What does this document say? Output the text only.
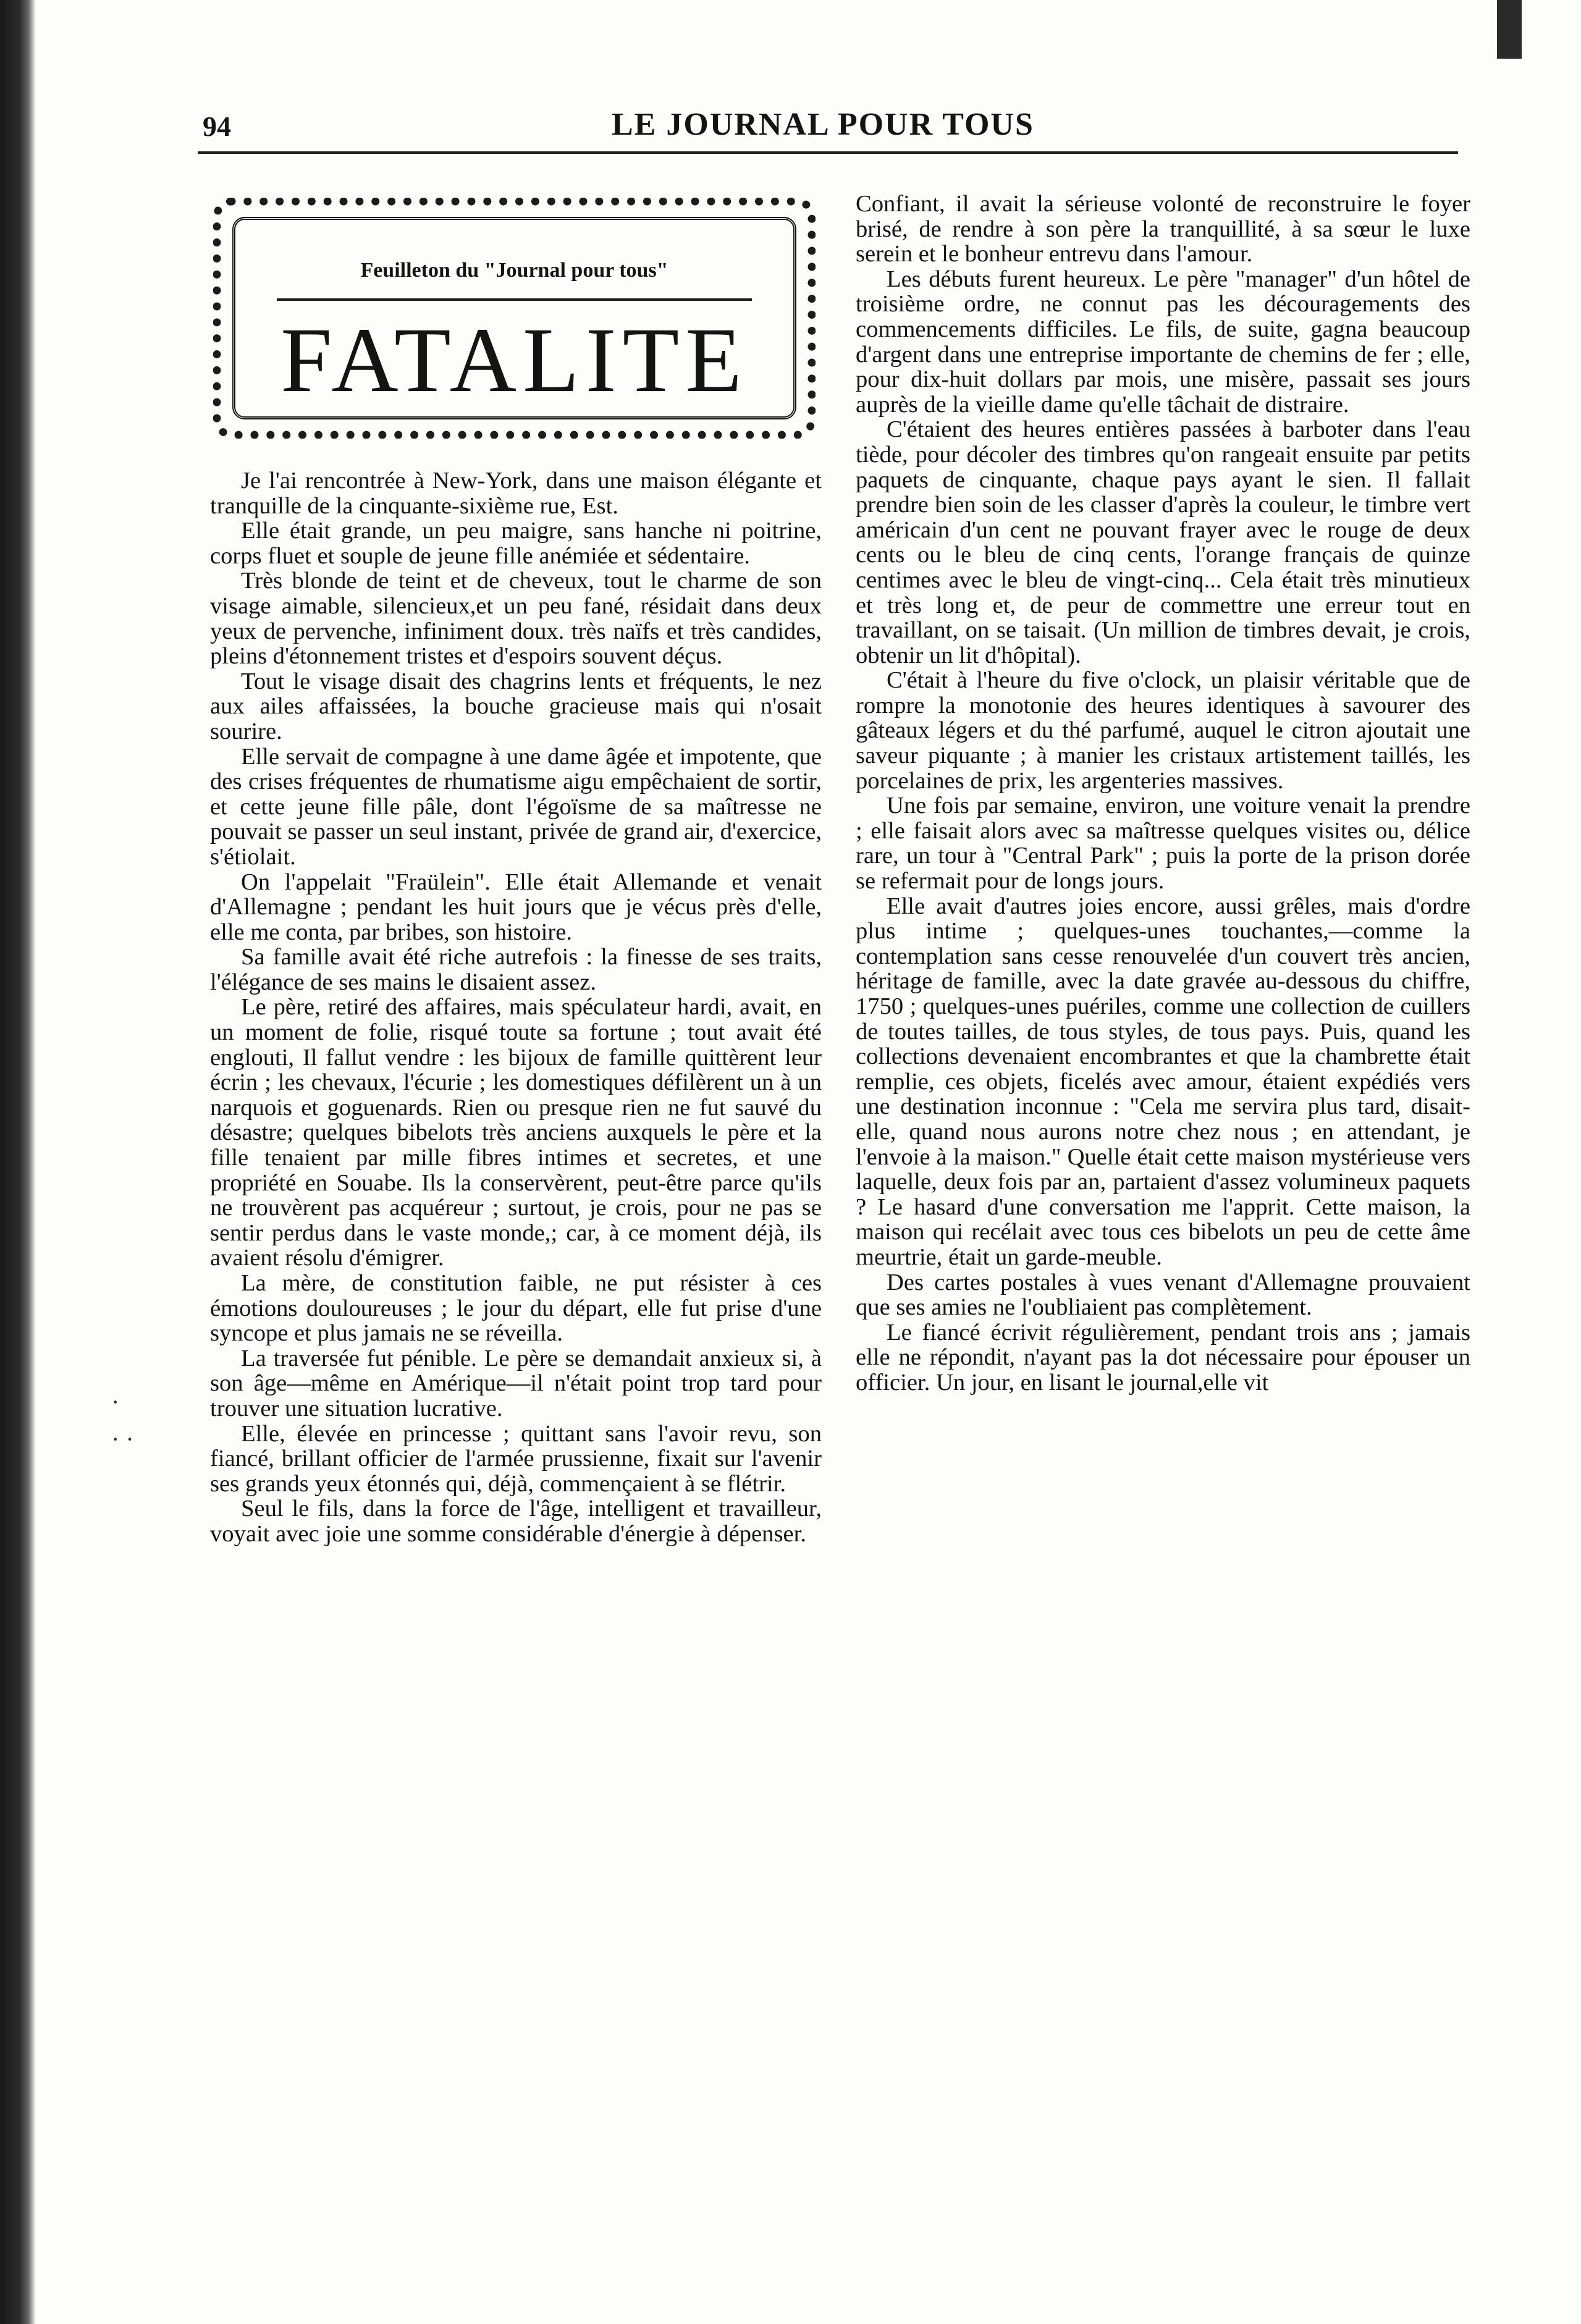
94	LE JOURNAL POUR TOUS
Feuilleton du "Journal pour tous"
FATALITE

Je l'ai rencontrée à New-York, dans une maison élégante et tranquille de la cinquante-sixième rue, Est.

Elle était grande, un peu maigre, sans hanche ni poitrine, corps fluet et souple de jeune fille anémiée et sédentaire.

Très blonde de teint et de cheveux, tout le charme de son visage aimable, silencieux,et un peu fané, résidait dans deux yeux de pervenche, infiniment doux. très naïfs et très candides, pleins d'étonnement tristes et d'espoirs souvent déçus.

Tout le visage disait des chagrins lents et fréquents, le nez aux ailes affaissées, la bouche gracieuse mais qui n'osait sourire.

Elle servait de compagne à une dame âgée et impotente, que des crises fréquentes de rhumatisme aigu empêchaient de sortir, et cette jeune fille pâle, dont l'égoïsme de sa maîtresse ne pouvait se passer un seul instant, privée de grand air, d'exercice, s'étiolait.

On l'appelait "Fraülein". Elle était Allemande et venait d'Allemagne ; pendant les huit jours que je vécus près d'elle, elle me conta, par bribes, son histoire.

Sa famille avait été riche autrefois : la finesse de ses traits, l'élégance de ses mains le disaient assez.

Le père, retiré des affaires, mais spéculateur hardi, avait, en un moment de folie, risqué toute sa fortune ; tout avait été englouti, Il fallut vendre : les bijoux de famille quittèrent leur écrin ; les chevaux, l'écurie ; les domestiques défilèrent un à un narquois et goguenards. Rien ou presque rien ne fut sauvé du désastre; quelques bibelots très anciens auxquels le père et la fille tenaient par mille fibres intimes et secretes, et une propriété en Souabe. Ils la conservèrent, peut-être parce qu'ils ne trouvèrent pas acquéreur ; surtout, je crois, pour ne pas se sentir perdus dans le vaste monde,; car, à ce moment déjà, ils avaient résolu d'émigrer.

La mère, de constitution faible, ne put résister à ces émotions douloureuses ; le jour du départ, elle fut prise d'une syncope et plus jamais ne se réveilla.

La traversée fut pénible. Le père se demandait anxieux si, à son âge—même en Amérique—il n'était point trop tard pour trouver une situation lucrative.

Elle, élevée en princesse ; quittant sans l'avoir revu, son fiancé, brillant officier de l'armée prussienne, fixait sur l'avenir ses grands yeux étonnés qui, déjà, commençaient à se flétrir.

Seul le fils, dans la force de l'âge, intelligent et travailleur, voyait avec joie une somme considérable d'énergie à dépenser.

Confiant, il avait la sérieuse volonté de reconstruire le foyer brisé, de rendre à son père la tranquillité, à sa sœur le luxe serein et le bonheur entrevu dans l'amour.

Les débuts furent heureux. Le père "manager" d'un hôtel de troisième ordre, ne connut pas les découragements des commencements difficiles. Le fils, de suite, gagna beaucoup d'argent dans une entreprise importante de chemins de fer ; elle, pour dix-huit dollars par mois, une misère, passait ses jours auprès de la vieille dame qu'elle tâchait de distraire.

C'étaient des heures entières passées à barboter dans l'eau tiède, pour décoler des timbres qu'on rangeait ensuite par petits paquets de cinquante, chaque pays ayant le sien. Il fallait prendre bien soin de les classer d'après la couleur, le timbre vert américain d'un cent ne pouvant frayer avec le rouge de deux cents ou le bleu de cinq cents, l'orange français de quinze centimes avec le bleu de vingt-cinq... Cela était très minutieux et très long et, de peur de commettre une erreur tout en travaillant, on se taisait. (Un million de timbres devait, je crois, obtenir un lit d'hôpital).

C'était à l'heure du five o'clock, un plaisir véritable que de rompre la monotonie des heures identiques à savourer des gâteaux légers et du thé parfumé, auquel le citron ajoutait une saveur piquante ; à manier les cristaux artistement taillés, les porcelaines de prix, les argenteries massives.

Une fois par semaine, environ, une voiture venait la prendre ; elle faisait alors avec sa maîtresse quelques visites ou, délice rare, un tour à "Central Park" ; puis la porte de la prison dorée se refermait pour de longs jours.

Elle avait d'autres joies encore, aussi grêles, mais d'ordre plus intime ; quelques-unes touchantes,—comme la contemplation sans cesse renouvelée d'un couvert très ancien, héritage de famille, avec la date gravée au-dessous du chiffre, 1750 ; quelques-unes puériles, comme une collection de cuillers de toutes tailles, de tous styles, de tous pays. Puis, quand les collections devenaient encombrantes et que la chambrette était remplie, ces objets, ficelés avec amour, étaient expédiés vers une destination inconnue : "Cela me servira plus tard, disait-elle, quand nous aurons notre chez nous ; en attendant, je l'envoie à la maison." Quelle était cette maison mystérieuse vers laquelle, deux fois par an, partaient d'assez volumineux paquets ? Le hasard d'une conversation me l'apprit. Cette maison, la maison qui recélait avec tous ces bibelots un peu de cette âme meurtrie, était un garde-meuble.

Des cartes postales à vues venant d'Allemagne prouvaient que ses amies ne l'oubliaient pas complètement.

Le fiancé écrivit régulièrement, pendant trois ans ; jamais elle ne répondit, n'ayant pas la dot nécessaire pour épouser un officier. Un jour, en lisant le journal,elle vit

·
· ·
